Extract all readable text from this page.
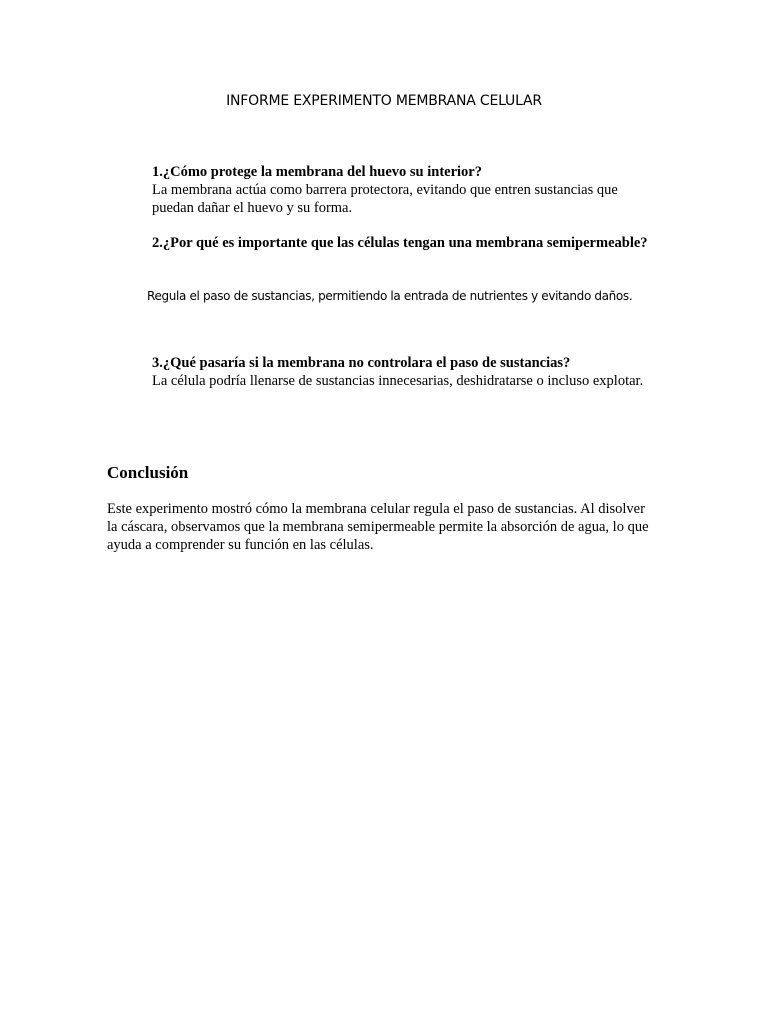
INFORME EXPERIMENTO MEMBRANA CELULAR
1.¿Cómo protege la membrana del huevo su interior?
La membrana actúa como barrera protectora, evitando que entren sustancias que puedan dañar el huevo y su forma.
2.¿Por qué es importante que las células tengan una membrana semipermeable?
Regula el paso de sustancias, permitiendo la entrada de nutrientes y evitando daños.
3.¿Qué pasaría si la membrana no controlara el paso de sustancias?
La célula podría llenarse de sustancias innecesarias, deshidratarse o incluso explotar.
Conclusión
Este experimento mostró cómo la membrana celular regula el paso de sustancias. Al disolver la cáscara, observamos que la membrana semipermeable permite la absorción de agua, lo que ayuda a comprender su función en las células.
